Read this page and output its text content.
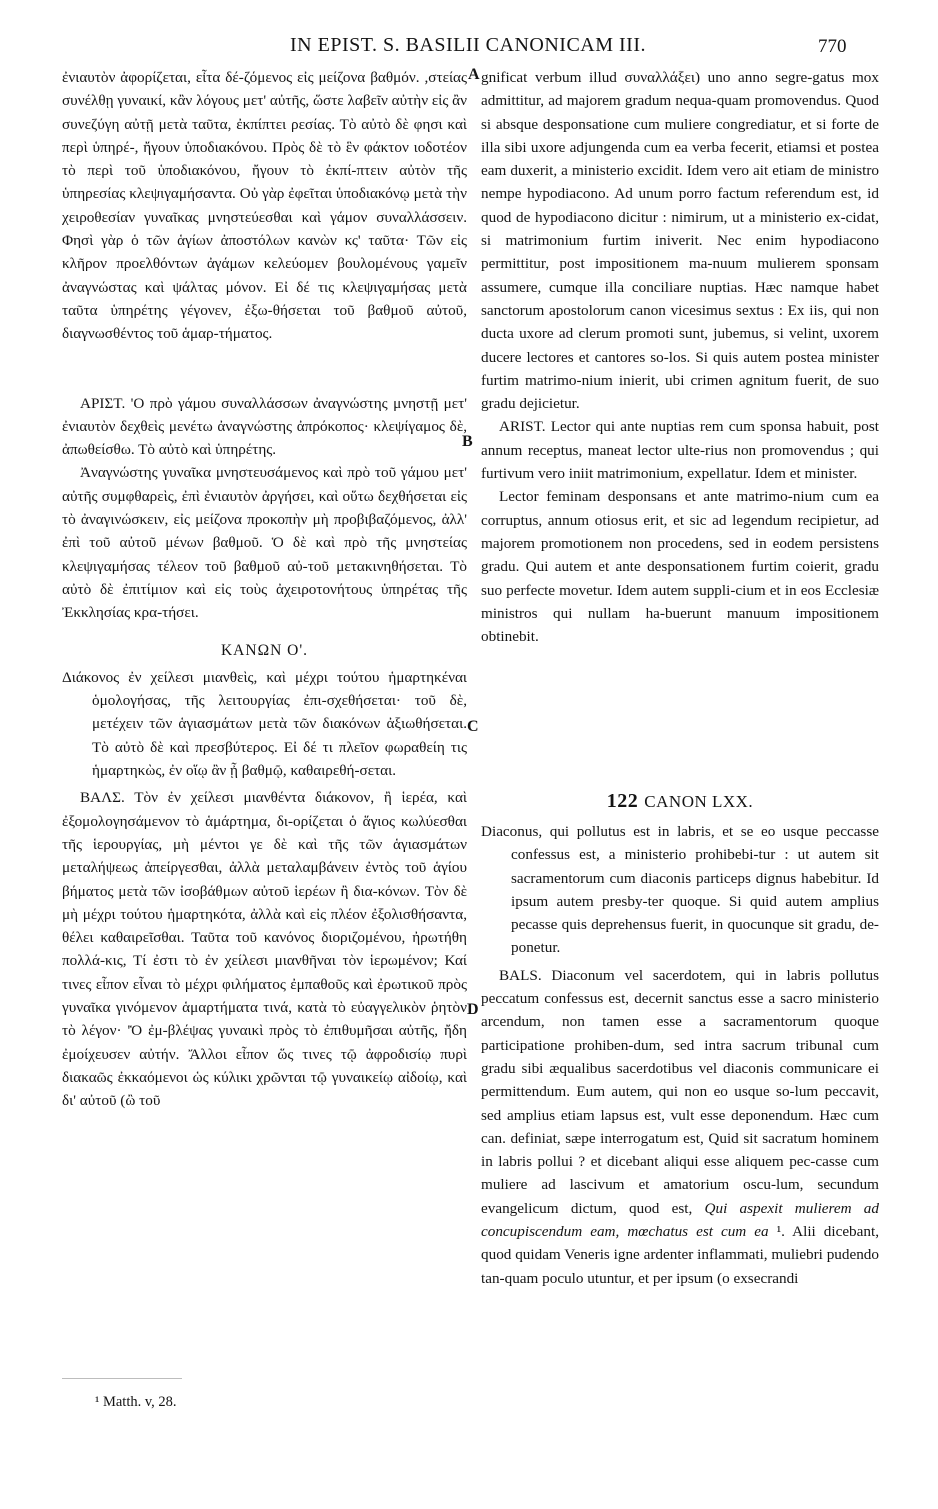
IN EPIST. S. BASILII CANONICAM III.	770
A
B
C
D

ἐνιαυτὸν ἀφορίζεται, εἶτα δέ-ζόμενος εἰς μείζονα βαθμόν. ,στείας συνέλθῃ γυναικί, κἂν λόγους μετ' αὐτῆς, ὥστε λαβεῖν αὐτὴν εἰς ἂν συνεζύγη αὐτῇ μετὰ ταῦτα, ἐκπίπτει ρεσίας. Τὸ αὐτὸ δὲ φησι καὶ περὶ ὑπηρέ-, ἤγουν ὑποδιακόνου. Πρὸς δὲ τὸ ἓν φάκτον ιοδοτέον τὸ περὶ τοῦ ὑποδιακόνου, ἤγουν τὸ ἐκπί-πτειν αὐτὸν τῆς ὑπηρεσίας κλεψιγαμήσαντα. Οὐ γὰρ ἐφεῖται ὑποδιακόνῳ μετὰ τὴν χειροθεσίαν γυναῖκας μνηστεύεσθαι καὶ γάμον συναλλάσσειν. Φησὶ γὰρ ὁ τῶν ἁγίων ἀποστόλων κανὼν κς' ταῦτα· Τῶν εἰς κλῆρον προελθόντων ἀγάμων κελεύομεν βουλομένους γαμεῖν ἀναγνώστας καὶ ψάλτας μόνον. Εἰ δέ τις κλεψιγαμήσας μετὰ ταῦτα ὑπηρέτης γέγονεν, ἐξω-θήσεται τοῦ βαθμοῦ αὐτοῦ, διαγνωσθέντος τοῦ ἁμαρ-τήματος.

ΑΡΙΣΤ. 'Ο πρὸ γάμου συναλλάσσων ἀναγνώστης μνηστῇ μετ' ἐνιαυτὸν δεχθεὶς μενέτω ἀναγνώστης ἀπρόκοπος· κλεψίγαμος δὲ, ἀπωθείσθω. Τὸ αὐτὸ καὶ ὑπηρέτης.

Ἀναγνώστης γυναῖκα μνηστευσάμενος καὶ πρὸ τοῦ γάμου μετ' αὐτῆς συμφθαρεὶς, ἐπὶ ἐνιαυτὸν ἀργήσει, καὶ οὕτω δεχθήσεται εἰς τὸ ἀναγινώσκειν, εἰς μείζονα προκοπὴν μὴ προβιβαζόμενος, ἀλλ' ἐπὶ τοῦ αὐτοῦ μένων βαθμοῦ. Ὁ δὲ καὶ πρὸ τῆς μνηστείας κλεψιγαμήσας τέλεον τοῦ βαθμοῦ αὐ-τοῦ μετακινηθήσεται. Τὸ αὐτὸ δὲ ἐπιτίμιον καὶ εἰς τοὺς ἀχειροτονήτους ὑπηρέτας τῆς Ἐκκλησίας κρα-τήσει.

ΚΑΝΩΝ Ο'.

Διάκονος ἐν χείλεσι μιανθεὶς, καὶ μέχρι τούτου ἡμαρτηκέναι ὁμολογήσας, τῆς λειτουργίας ἐπι-σχεθήσεται· τοῦ δὲ, μετέχειν τῶν ἁγιασμάτων μετὰ τῶν διακόνων ἀξιωθήσεται. Τὸ αὐτὸ δὲ καὶ πρεσβύτερος. Εἰ δέ τι πλεῖον φωραθείη τις ἡμαρτηκὼς, ἐν οἵῳ ἂν ᾖ βαθμῷ, καθαιρεθή-σεται.

ΒΑΛΣ. Τὸν ἐν χείλεσι μιανθέντα διάκονον, ἢ ἱερέα, καὶ ἐξομολογησάμενον τὸ ἁμάρτημα, δι-ορίζεται ὁ ἅγιος κωλύεσθαι τῆς ἱερουργίας, μὴ μέντοι γε δὲ καὶ τῆς τῶν ἁγιασμάτων μεταλήψεως ἀπείργεσθαι, ἀλλὰ μεταλαμβάνειν ἐντὸς τοῦ ἁγίου βήματος μετὰ τῶν ἰσοβάθμων αὐτοῦ ἱερέων ἢ δια-κόνων. Τὸν δὲ μὴ μέχρι τούτου ἡμαρτηκότα, ἀλλὰ καὶ εἰς πλέον ἐξολισθήσαντα, θέλει καθαιρεῖσθαι. Ταῦτα τοῦ κανόνος διοριζομένου, ἠρωτήθη πολλά-κις, Τί ἐστι τὸ ἐν χείλεσι μιανθῆναι τὸν ἱερωμένον; Καί τινες εἶπον εἶναι τὸ μέχρι φιλήματος ἐμπαθοῦς καὶ ἐρωτικοῦ πρὸς γυναῖκα γινόμενον ἁμαρτήματα τινά, κατὰ τὸ εὐαγγελικὸν ῥητὸν τὸ λέγον· 'Ὁ ἐμ-βλέψας γυναικὶ πρὸς τὸ ἐπιθυμῆσαι αὐτῆς, ἤδη ἐμοίχευσεν αὐτήν. Ἄλλοι εἶπον ὥς τινες τῷ ἀφροδισίῳ πυρὶ διακαῶς ἐκκαόμενοι ὡς κύλικι χρῶνται τῷ γυναικείῳ αἰδοίῳ, καὶ δι' αὐτοῦ (ὢ τοῦ

gnificat verbum illud συναλλάξει) uno anno segre-gatus mox admittitur, ad majorem gradum nequa-quam promovendus. Quod si absque desponsatione cum muliere congrediatur, et si forte de illa sibi uxore adjungenda cum ea verba fecerit, etiamsi et postea eam duxerit, a ministerio excidit. Idem vero ait etiam de ministro nempe hypodiacono. Ad unum porro factum referendum est, id quod de hypodiacono dicitur : nimirum, ut a ministerio ex-cidat, si matrimonium furtim iniverit. Nec enim hypodiacono permittitur, post impositionem ma-nuum mulierem sponsam assumere, cumque illa conciliare nuptias. Hæc namque habet sanctorum apostolorum canon vicesimus sextus : Ex iis, qui non ducta uxore ad clerum promoti sunt, jubemus, si velint, uxorem ducere lectores et cantores so-los. Si quis autem postea minister furtim matrimo-nium inierit, ubi crimen agnitum fuerit, de suo gradu dejicietur.

ARIST. Lector qui ante nuptias rem cum sponsa habuit, post annum receptus, maneat lector ulte-rius non promovendus ; qui furtivum vero iniit matrimonium, expellatur. Idem et minister.

Lector feminam desponsans et ante matrimo-nium cum ea corruptus, annum otiosus erit, et sic ad legendum recipietur, ad majorem promotionem non procedens, sed in eodem persistens gradu. Qui autem et ante desponsationem furtim coierit, gradu suo perfecte movetur. Idem autem suppli-cium et in eos Ecclesiæ ministros qui nullam ha-buerunt manuum impositionem obtinebit.

122 CANON LXX.

Diaconus, qui pollutus est in labris, et se eo usque peccasse confessus est, a ministerio prohibebi-tur : ut autem sit sacramentorum cum diaconis particeps dignus habebitur. Id ipsum autem presby-ter quoque. Si quid autem amplius pecasse quis deprehensus fuerit, in quocunque sit gradu, de-ponetur.

BALS. Diaconum vel sacerdotem, qui in labris pollutus peccatum confessus est, decernit sanctus esse a sacro ministerio arcendum, non tamen esse a sacramentorum quoque participatione prohiben-dum, sed intra sacrum tribunal cum gradu sibi æqualibus sacerdotibus vel diaconis communicare ei permittendum. Eum autem, qui non eo usque so-lum peccavit, sed amplius etiam lapsus est, vult esse deponendum. Hæc cum can. definiat, sæpe interrogatum est, Quid sit sacratum hominem in labris pollui ? et dicebant aliqui esse aliquem pec-casse cum muliere ad lascivum et amatorium oscu-lum, secundum evangelicum dictum, quod est, Qui aspexit mulierem ad concupiscendum eam, mœchatus est cum ea ¹. Alii dicebant, quod quidam Veneris igne ardenter inflammati, muliebri pudendo tan-quam poculo utuntur, et per ipsum (o exsecrandi

¹ Matth. v, 28.
